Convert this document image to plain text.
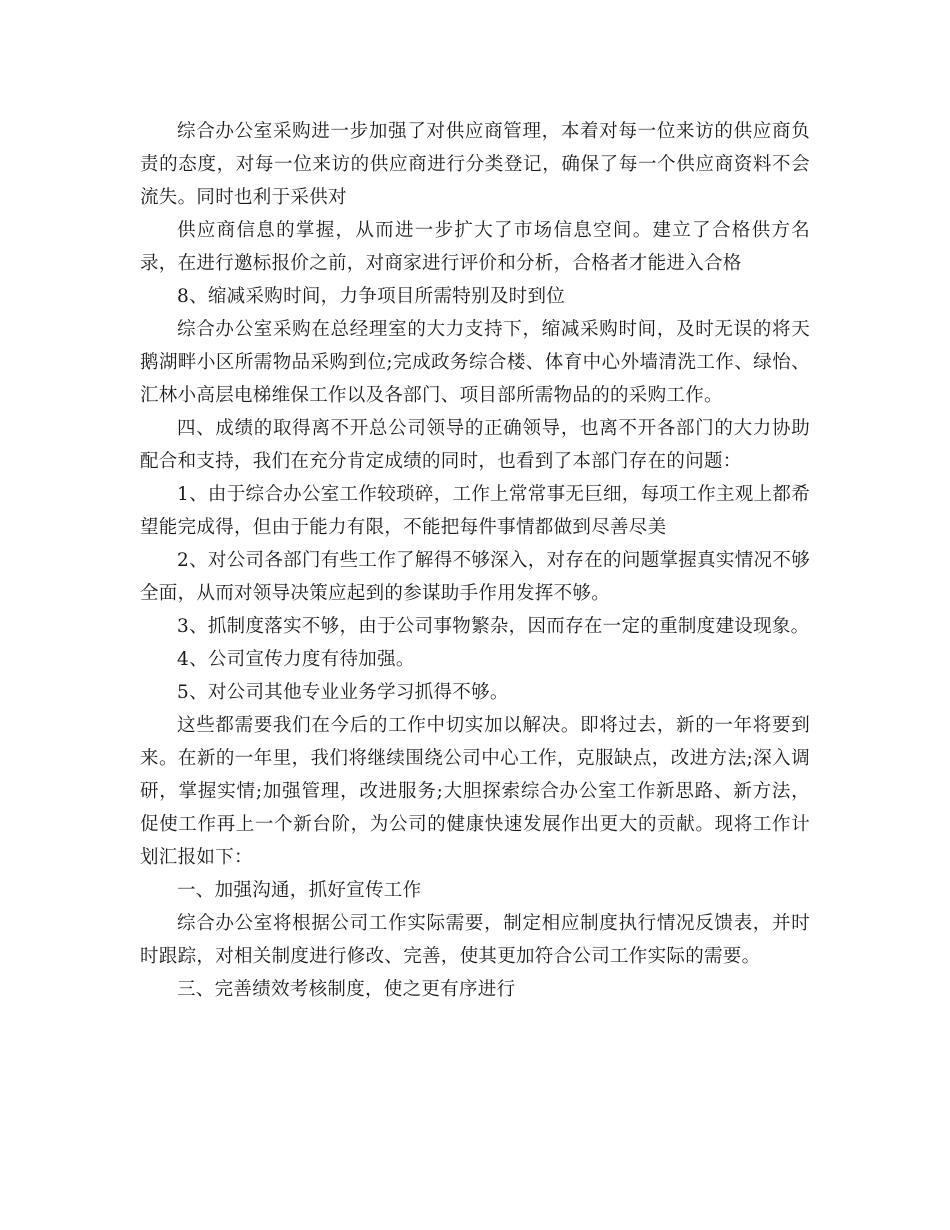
综合办公室采购进一步加强了对供应商管理，本着对每一位来访的供应商负责的态度，对每一位来访的供应商进行分类登记，确保了每一个供应商资料不会流失。同时也利于采供对

供应商信息的掌握，从而进一步扩大了市场信息空间。建立了合格供方名录，在进行邀标报价之前，对商家进行评价和分析，合格者才能进入合格

8、缩减采购时间，力争项目所需特别及时到位

综合办公室采购在总经理室的大力支持下，缩减采购时间，及时无误的将天鹅湖畔小区所需物品采购到位;完成政务综合楼、体育中心外墙清洗工作、绿怡、汇林小高层电梯维保工作以及各部门、项目部所需物品的的采购工作。

四、成绩的取得离不开总公司领导的正确领导，也离不开各部门的大力协助配合和支持，我们在充分肯定成绩的同时，也看到了本部门存在的问题：

1、由于综合办公室工作较琐碎，工作上常常事无巨细，每项工作主观上都希望能完成得，但由于能力有限，不能把每件事情都做到尽善尽美

2、对公司各部门有些工作了解得不够深入，对存在的问题掌握真实情况不够全面，从而对领导决策应起到的参谋助手作用发挥不够。

3、抓制度落实不够，由于公司事物繁杂，因而存在一定的重制度建设现象。

4、公司宣传力度有待加强。

5、对公司其他专业业务学习抓得不够。

这些都需要我们在今后的工作中切实加以解决。即将过去，新的一年将要到来。在新的一年里，我们将继续围绕公司中心工作，克服缺点，改进方法;深入调研，掌握实情;加强管理，改进服务;大胆探索综合办公室工作新思路、新方法，促使工作再上一个新台阶，为公司的健康快速发展作出更大的贡献。现将工作计划汇报如下：

一、加强沟通，抓好宣传工作

综合办公室将根据公司工作实际需要，制定相应制度执行情况反馈表，并时时跟踪，对相关制度进行修改、完善，使其更加符合公司工作实际的需要。

三、完善绩效考核制度，使之更有序进行
